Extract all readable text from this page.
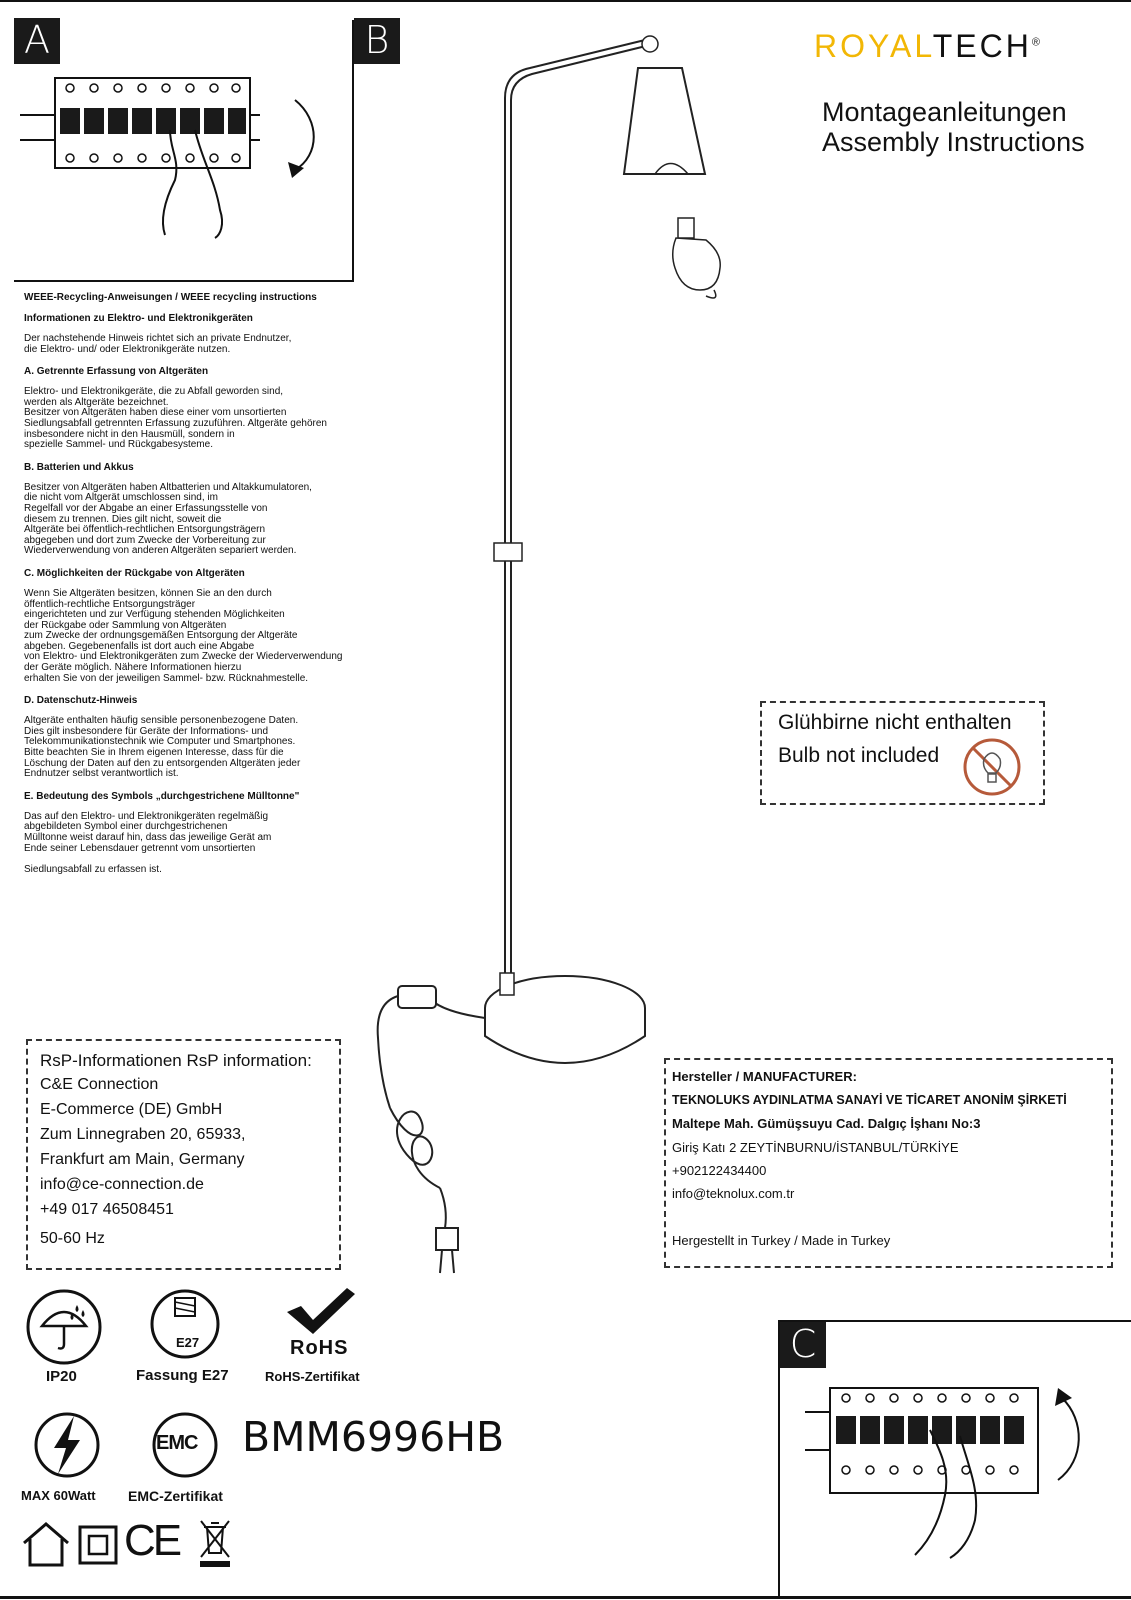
A	B	ROYALTECH®
Montageanleitungen
Assembly Instructions

WEEE-Recycling-Anweisungen / WEEE recycling instructions

Informationen zu Elektro- und Elektronikgeräten

Der nachstehende Hinweis richtet sich an private Endnutzer,
die Elektro- und/ oder Elektronikgeräte nutzen.

A. Getrennte Erfassung von Altgeräten

Elektro- und Elektronikgeräte, die zu Abfall geworden sind,
werden als Altgeräte bezeichnet.
Besitzer von Altgeräten haben diese einer vom unsortierten
Siedlungsabfall getrennten Erfassung zuzuführen. Altgeräte gehören
insbesondere nicht in den Hausmüll, sondern in
spezielle Sammel- und Rückgabesysteme.

B. Batterien und Akkus

Besitzer von Altgeräten haben Altbatterien und Altakkumulatoren,
die nicht vom Altgerät umschlossen sind, im
Regelfall vor der Abgabe an einer Erfassungsstelle von
diesem zu trennen. Dies gilt nicht, soweit die
Altgeräte bei öffentlich-rechtlichen Entsorgungsträgern
abgegeben und dort zum Zwecke der Vorbereitung zur
Wiederverwendung von anderen Altgeräten separiert werden.

C. Möglichkeiten der Rückgabe von Altgeräten

Wenn Sie Altgeräten besitzen, können Sie an den durch
öffentlich-rechtliche Entsorgungsträger
eingerichteten und zur Verfügung stehenden Möglichkeiten
der Rückgabe oder Sammlung von Altgeräten
zum Zwecke der ordnungsgemäßen Entsorgung der Altgeräte
abgeben. Gegebenenfalls ist dort auch eine Abgabe
von Elektro- und Elektronikgeräten zum Zwecke der Wiederverwendung
der Geräte möglich. Nähere Informationen hierzu
erhalten Sie von der jeweiligen Sammel- bzw. Rücknahmestelle.

D. Datenschutz-Hinweis

Altgeräte enthalten häufig sensible personenbezogene Daten.
Dies gilt insbesondere für Geräte der Informations- und
Telekommunikationstechnik wie Computer und Smartphones.
Bitte beachten Sie in Ihrem eigenen Interesse, dass für die
Löschung der Daten auf den zu entsorgenden Altgeräten jeder
Endnutzer selbst verantwortlich ist.

E. Bedeutung des Symbols „durchgestrichene Mülltonne"

Das auf den Elektro- und Elektronikgeräten regelmäßig
abgebildeten Symbol einer durchgestrichenen
Mülltonne weist darauf hin, dass das jeweilige Gerät am
Ende seiner Lebensdauer getrennt vom unsortierten

Siedlungsabfall zu erfassen ist.

Glühbirne nicht enthalten
Bulb not included
RsP-Informationen RsP information:
C&E Connection
E-Commerce (DE) GmbH
Zum Linnegraben 20, 65933,
Frankfurt am Main, Germany
info@ce-connection.de
+49 017 46508451
50-60 Hz
Hersteller / MANUFACTURER:
TEKNOLUKS AYDINLATMA SANAYİ VE TİCARET ANONİM ŞİRKETİ
Maltepe Mah. Gümüşsuyu Cad. Dalgıç İşhanı No:3
Giriş Katı 2 ZEYTİNBURNU/İSTANBUL/TÜRKİYE
+902122434400
info@teknolux.com.tr
Hergestellt in Turkey / Made in Turkey
IP20
E27
Fassung E27
RoHS
RoHS-Zertifikat
MAX 60Watt
EMC
EMC-Zertifikat
BMM6996HB
CE
C
